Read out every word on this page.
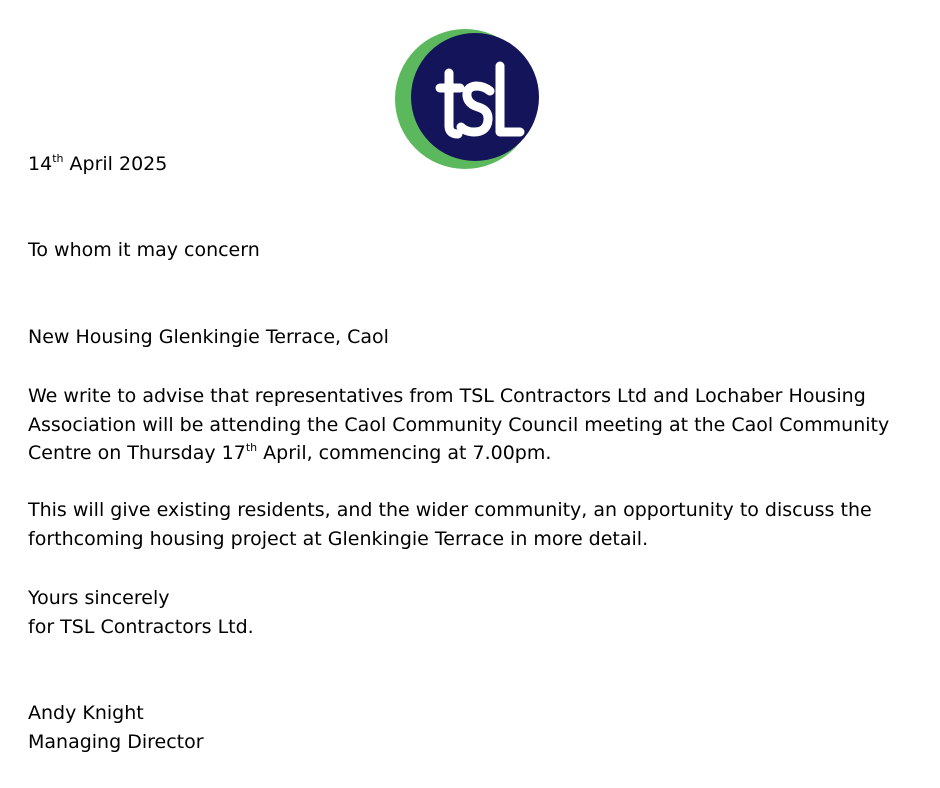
14th April 2025

To whom it may concern

New Housing Glenkingie Terrace, Caol

We write to advise that representatives from TSL Contractors Ltd and Lochaber Housing
Association will be attending the Caol Community Council meeting at the Caol Community
Centre on Thursday 17th April, commencing at 7.00pm.
This will give existing residents, and the wider community, an opportunity to discuss the
forthcoming housing project at Glenkingie Terrace in more detail.
Yours sincerely
for TSL Contractors Ltd.
Andy Knight
Managing Director
